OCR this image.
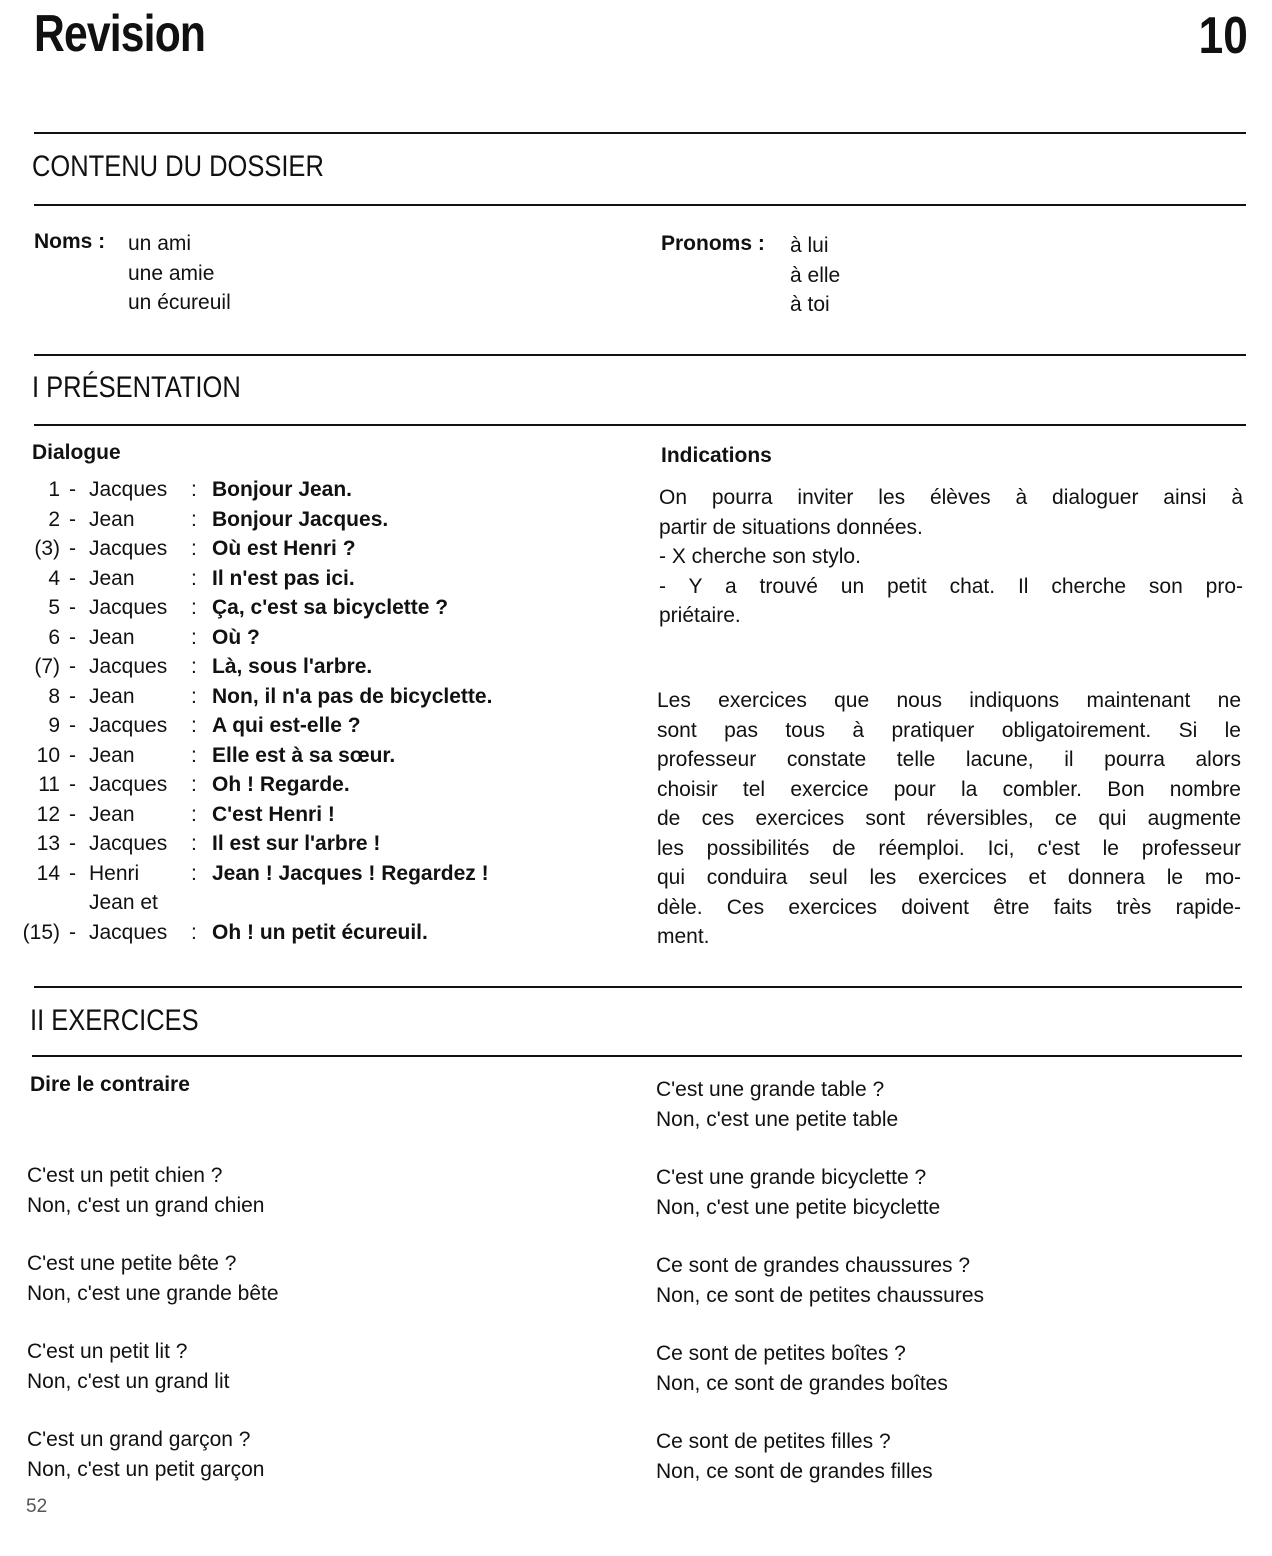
Revision	10
CONTENU DU DOSSIER
Noms : un ami
une amie
un écureuil
Pronoms : à lui
à elle
à toi
I PRÉSENTATION
Dialogue
1 - Jacques : Bonjour Jean.
2 - Jean	: Bonjour Jacques.
(3) - Jacques : Où est Henri ?
4 - Jean	: Il n'est pas ici.
5 - Jacques : Ça, c'est sa bicyclette ?
6 - Jean	: Où ?
(7) - Jacques : Là, sous l'arbre.
8 - Jean	: Non, il n'a pas de bicyclette.
9 - Jacques : A qui est-elle ?
10 - Jean	: Elle est à sa sœur.
11 - Jacques : Oh ! Regarde.
12 - Jean	: C'est Henri !
13 - Jacques : Il est sur l'arbre !
14 - Henri : Jean ! Jacques ! Regardez !
Jean et
(15) - Jacques : Oh ! un petit écureuil.
Indications
On pourra inviter les élèves à dialoguer ainsi à
partir de situations données.
- X cherche son stylo.
- Y a trouvé un petit chat. Il cherche son pro-
priétaire.
Les exercices que nous indiquons maintenant ne
sont pas tous à pratiquer obligatoirement. Si le
professeur constate telle lacune, il pourra alors
choisir tel exercice pour la combler. Bon nombre
de ces exercices sont réversibles, ce qui augmente
les possibilités de réemploi. Ici, c'est le professeur
qui conduira seul les exercices et donnera le mo-
dèle. Ces exercices doivent être faits très rapide-
ment.
II EXERCICES
Dire le contraire
C'est un petit chien ?
Non, c'est un grand chien
C'est une petite bête ?
Non, c'est une grande bête
C'est un petit lit ?
Non, c'est un grand lit
C'est un grand garçon ?
Non, c'est un petit garçon
C'est une grande table ?
Non, c'est une petite table
C'est une grande bicyclette ?
Non, c'est une petite bicyclette
Ce sont de grandes chaussures ?
Non, ce sont de petites chaussures
Ce sont de petites boîtes ?
Non, ce sont de grandes boîtes
Ce sont de petites filles ?
Non, ce sont de grandes filles
52
